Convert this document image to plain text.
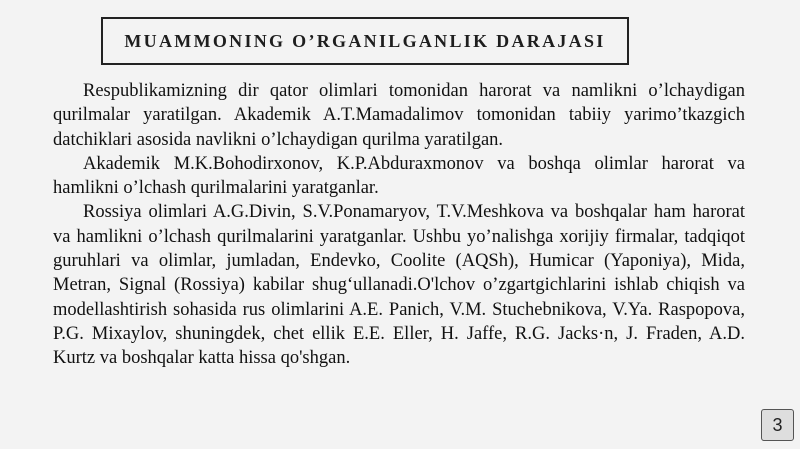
MUAMMONING O’RGANILGANLIK DARAJASI

Respublikamizning dir qator olimlari tomonidan harorat va namlikni o’lchaydigan qurilmalar yaratilgan. Akademik A.T.Mamadalimov tomonidan tabiiy yarimo’tkazgich datchiklari asosida navlikni o’lchaydigan qurilma yaratilgan.

Akademik M.K.Bohodirxonov, K.P.Abduraxmonov va boshqa olimlar harorat va hamlikni o’lchash qurilmalarini yaratganlar.

Rossiya olimlari A.G.Divin, S.V.Ponamaryov, T.V.Meshkova va boshqalar ham harorat va hamlikni o’lchash qurilmalarini yaratganlar. Ushbu yo’nalishga xorijiy firmalar, tadqiqot guruhlari va olimlar, jumladan, Endevko, Coolite (AQSh), Humicar (Yaponiya), Mida, Metran, Signal (Rossiya) kabilar shug‘ullanadi.O'lchov o’zgartgichlarini ishlab chiqish va modellashtirish sohasida rus olimlarini A.E. Panich, V.M. Stuchebnikova, V.Ya. Raspopova, P.G. Mixaylov, shuningdek, chet ellik E.E. Eller, H. Jaffe, R.G. Jacks·n, J. Fraden, A.D. Kurtz va boshqalar katta hissa qo'shgan.

3
